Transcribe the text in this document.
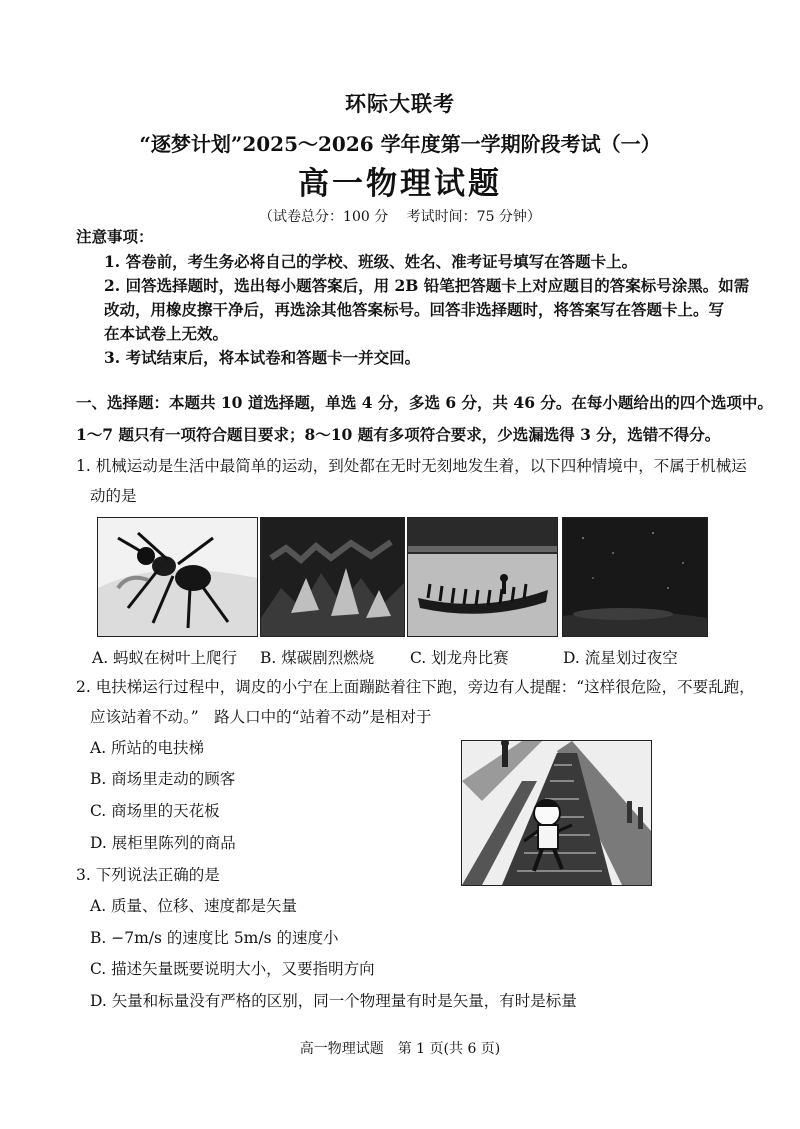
环际大联考
“逐梦计划”2025～2026 学年度第一学期阶段考试（一）
高一物理试题
（试卷总分：100 分　 考试时间：75 分钟）
注意事项：
1. 答卷前，考生务必将自己的学校、班级、姓名、准考证号填写在答题卡上。
2. 回答选择题时，选出每小题答案后，用 2B 铅笔把答题卡上对应题目的答案标号涂黑。如需
改动，用橡皮擦干净后，再选涂其他答案标号。回答非选择题时，将答案写在答题卡上。写
在本试卷上无效。
3. 考试结束后，将本试卷和答题卡一并交回。
一、选择题：本题共 10 道选择题，单选 4 分，多选 6 分，共 46 分。在每小题给出的四个选项中。
1～7 题只有一项符合题目要求；8～10 题有多项符合要求，少选漏选得 3 分，选错不得分。
1. 机械运动是生活中最简单的运动，到处都在无时无刻地发生着，以下四种情境中，不属于机械运
动的是
A. 蚂蚁在树叶上爬行 B. 煤碳剧烈燃烧 C. 划龙舟比赛	D. 流星划过夜空
2. 电扶梯运行过程中，调皮的小宁在上面蹦跶着往下跑，旁边有人提醒：“这样很危险，不要乱跑，
应该站着不动。”　路人口中的“站着不动”是相对于
A. 所站的电扶梯
B. 商场里走动的顾客
C. 商场里的天花板
D. 展柜里陈列的商品
3. 下列说法正确的是
A. 质量、位移、速度都是矢量
B. −7m/s 的速度比 5m/s 的速度小
C. 描述矢量既要说明大小，又要指明方向
D. 矢量和标量没有严格的区别，同一个物理量有时是矢量，有时是标量
高一物理试题　第 1 页(共 6 页)
